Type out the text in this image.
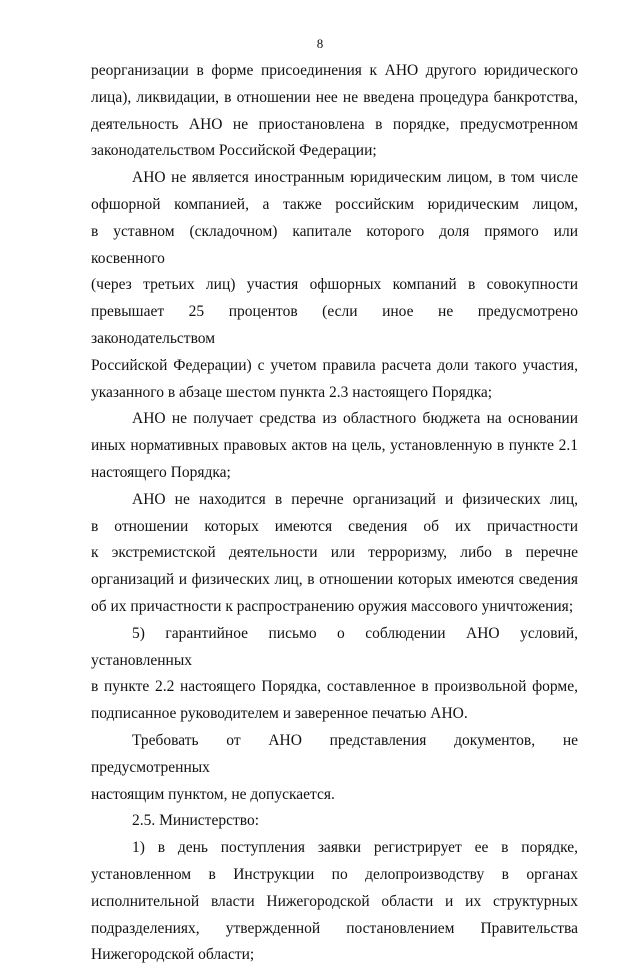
8

реорганизации в форме присоединения к АНО другого юридического
лица), ликвидации, в отношении нее не введена процедура банкротства,
деятельность АНО не приостановлена в порядке, предусмотренном
законодательством Российской Федерации;

АНО не является иностранным юридическим лицом, в том числе
офшорной компанией, а также российским юридическим лицом,
в уставном (складочном) капитале которого доля прямого или косвенного
(через третьих лиц) участия офшорных компаний в совокупности
превышает 25 процентов (если иное не предусмотрено законодательством
Российской Федерации) с учетом правила расчета доли такого участия,
указанного в абзаце шестом пункта 2.3 настоящего Порядка;

АНО не получает средства из областного бюджета на основании
иных нормативных правовых актов на цель, установленную в пункте 2.1
настоящего Порядка;

АНО не находится в перечне организаций и физических лиц,
в отношении которых имеются сведения об их причастности
к экстремистской деятельности или терроризму, либо в перечне
организаций и физических лиц, в отношении которых имеются сведения
об их причастности к распространению оружия массового уничтожения;

5) гарантийное письмо о соблюдении АНО условий, установленных
в пункте 2.2 настоящего Порядка, составленное в произвольной форме,
подписанное руководителем и заверенное печатью АНО.

Требовать от АНО представления документов, не предусмотренных
настоящим пунктом, не допускается.

2.5. Министерство:

1) в день поступления заявки регистрирует ее в порядке,
установленном в Инструкции по делопроизводству в органах
исполнительной власти Нижегородской области и их структурных
подразделениях, утвержденной постановлением Правительства
Нижегородской области;
